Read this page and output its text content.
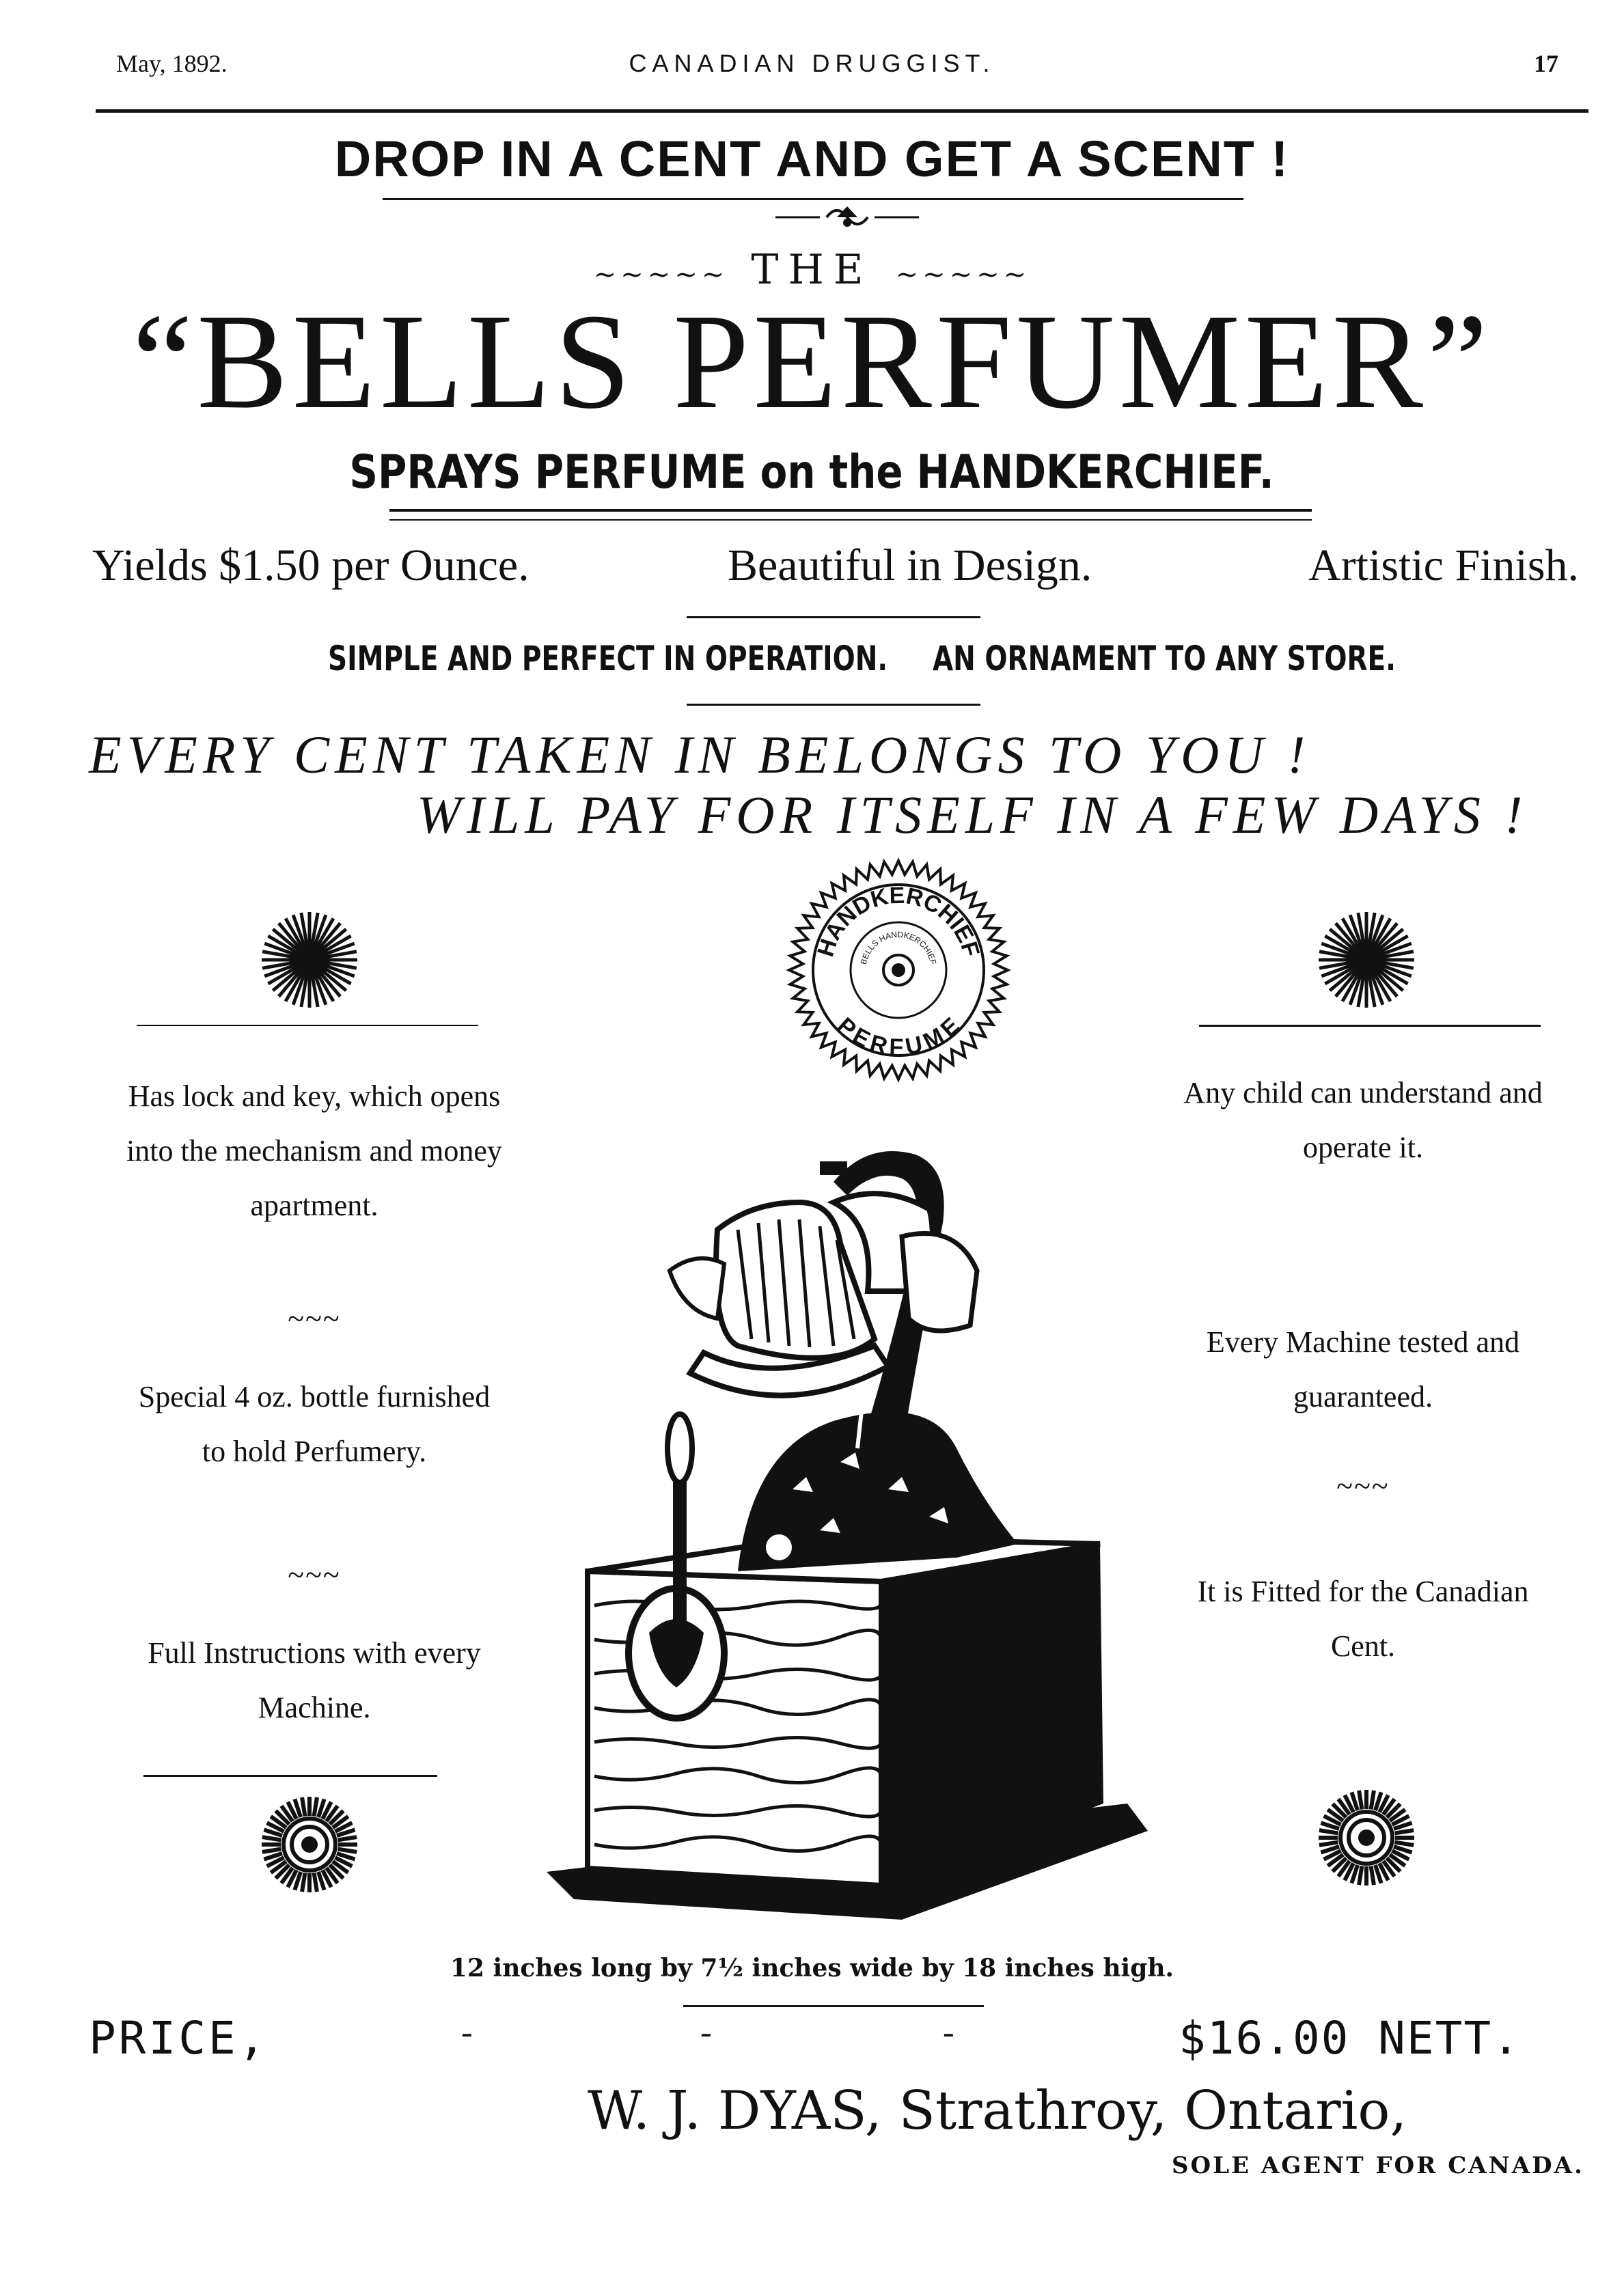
May, 1892.	CANADIAN DRUGGIST.	17
DROP IN A CENT AND GET A SCENT !
~~~~~ THE ~~~~~
“BELLS PERFUMER”
SPRAYS PERFUME on the HANDKERCHIEF.
Yields $1.50 per Ounce.	Beautiful in Design.	Artistic Finish.
SIMPLE AND PERFECT IN OPERATION.	AN ORNAMENT TO ANY STORE.
EVERY CENT TAKEN IN BELONGS TO YOU !
WILL PAY FOR ITSELF IN A FEW DAYS !
HANDKERCHIEF
PERFUME
BELLS HANDKERCHIEF
Has lock and key, which opens into the mechanism and money apartment.
~~~
Special 4 oz. bottle furnished to hold Perfumery.
~~~
Full Instructions with every Machine.
Any child can understand and operate it.
Every Machine tested and guaranteed.
~~~
It is Fitted for the Canadian Cent.
12 inches long by 7½ inches wide by 18 inches high.
PRICE,	-	-	-	$16.00 NETT.
W. J. DYAS, Strathroy, Ontario,
SOLE AGENT FOR CANADA.
